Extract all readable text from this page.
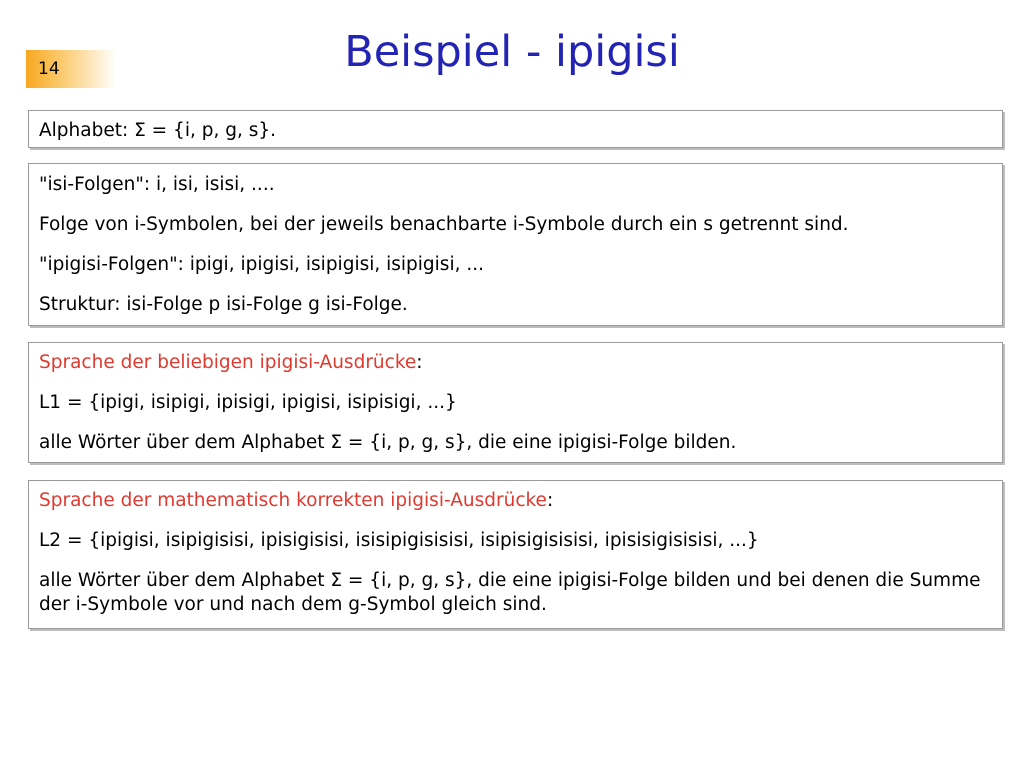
14	Beispiel - ipigisi

Alphabet: Σ = {i, p, g, s}.

"isi-Folgen": i, isi, isisi, ....

Folge von i-Symbolen, bei der jeweils benachbarte i-Symbole durch ein s getrennt sind.

"ipigisi-Folgen": ipigi, ipigisi, isipigisi, isipigisi, ...

Struktur: isi-Folge p isi-Folge g isi-Folge.

Sprache der beliebigen ipigisi-Ausdrücke:

L1 = {ipigi, isipigi, ipisigi, ipigisi, isipisigi, ...}

alle Wörter über dem Alphabet Σ = {i, p, g, s}, die eine ipigisi-Folge bilden.

Sprache der mathematisch korrekten ipigisi-Ausdrücke:

L2 = {ipigisi, isipigisisi, ipisigisisi, isisipigisisisi, isipisigisisisi, ipisisigisisisi, ...}

alle Wörter über dem Alphabet Σ = {i, p, g, s}, die eine ipigisi-Folge bilden und bei denen die Summe der i-Symbole vor und nach dem g-Symbol gleich sind.
